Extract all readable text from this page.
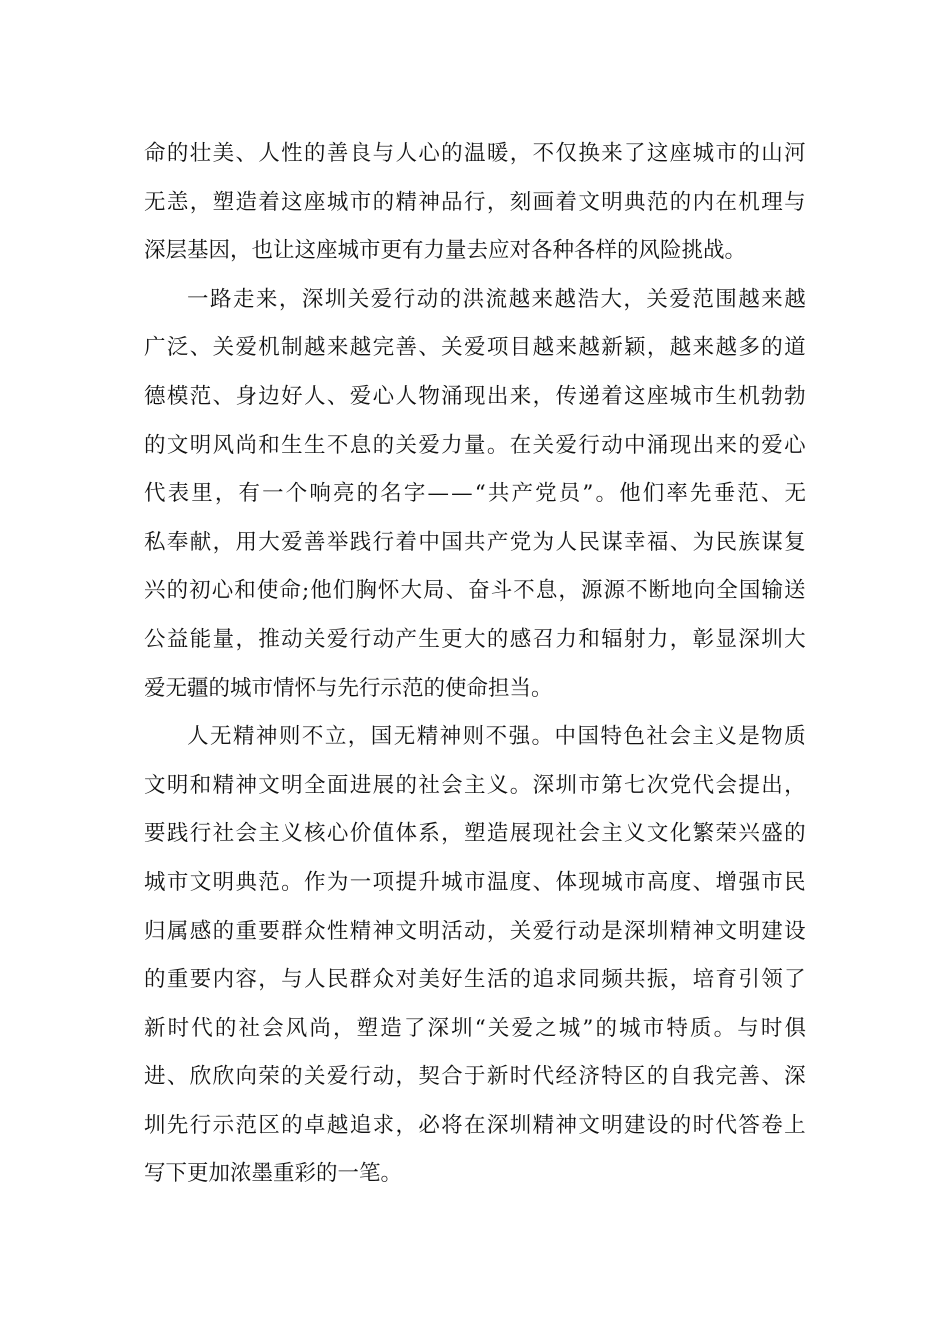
命 的 壮 美 、 人 性 的 善 良 与 人 心 的 温 暖 ， 不 仅 换 来 了 这 座 城 市 的 山 河
无 恙 ， 塑 造 着 这 座 城 市 的 精 神 品 行 ， 刻 画 着 文 明 典 范 的 内 在 机 理 与
深层基因，也让这座城市更有力量去应对各种各样的风险挑战。
一 路 走 来 ， 深 圳 关 爱 行 动 的 洪 流 越 来 越 浩 大 ， 关 爱 范 围 越 来 越
广 泛 、 关 爱 机 制 越 来 越 完 善 、 关 爱 项 目 越 来 越 新 颖 ， 越 来 越 多 的 道
德 模 范 、 身 边 好 人 、 爱 心 人 物 涌 现 出 来 ， 传 递 着 这 座 城 市 生 机 勃 勃
的 文 明 风 尚 和 生 生 不 息 的 关 爱 力 量 。 在 关 爱 行 动 中 涌 现 出 来 的 爱 心
代 表 里 ， 有 一 个 响 亮 的 名 字 — — “ 共 产 党 员 ” 。 他 们 率 先 垂 范 、 无
私 奉 献 ， 用 大 爱 善 举 践 行 着 中 国 共 产 党 为 人 民 谋 幸 福 、 为 民 族 谋 复
兴 的 初 心 和 使 命 ; 他 们 胸 怀 大 局 、 奋 斗 不 息 ， 源 源 不 断 地 向 全 国 输 送
公 益 能 量 ， 推 动 关 爱 行 动 产 生 更 大 的 感 召 力 和 辐 射 力 ， 彰 显 深 圳 大
爱无疆的城市情怀与先行示范的使命担当。
人 无 精 神 则 不 立 ， 国 无 精 神 则 不 强 。 中 国 特 色 社 会 主 义 是 物 质
文 明 和 精 神 文 明 全 面 进 展 的 社 会 主 义 。 深 圳 市 第 七 次 党 代 会 提 出 ，
要 践 行 社 会 主 义 核 心 价 值 体 系 ， 塑 造 展 现 社 会 主 义 文 化 繁 荣 兴 盛 的
城 市 文 明 典 范 。 作 为 一 项 提 升 城 市 温 度 、 体 现 城 市 高 度 、 增 强 市 民
归 属 感 的 重 要 群 众 性 精 神 文 明 活 动 ， 关 爱 行 动 是 深 圳 精 神 文 明 建 设
的 重 要 内 容 ， 与 人 民 群 众 对 美 好 生 活 的 追 求 同 频 共 振 ， 培 育 引 领 了
新 时 代 的 社 会 风 尚 ， 塑 造 了 深 圳 “ 关 爱 之 城 ” 的 城 市 特 质 。 与 时 俱
进 、 欣 欣 向 荣 的 关 爱 行 动 ， 契 合 于 新 时 代 经 济 特 区 的 自 我 完 善 、 深
圳 先 行 示 范 区 的 卓 越 追 求 ， 必 将 在 深 圳 精 神 文 明 建 设 的 时 代 答 卷 上
写下更加浓墨重彩的一笔。
